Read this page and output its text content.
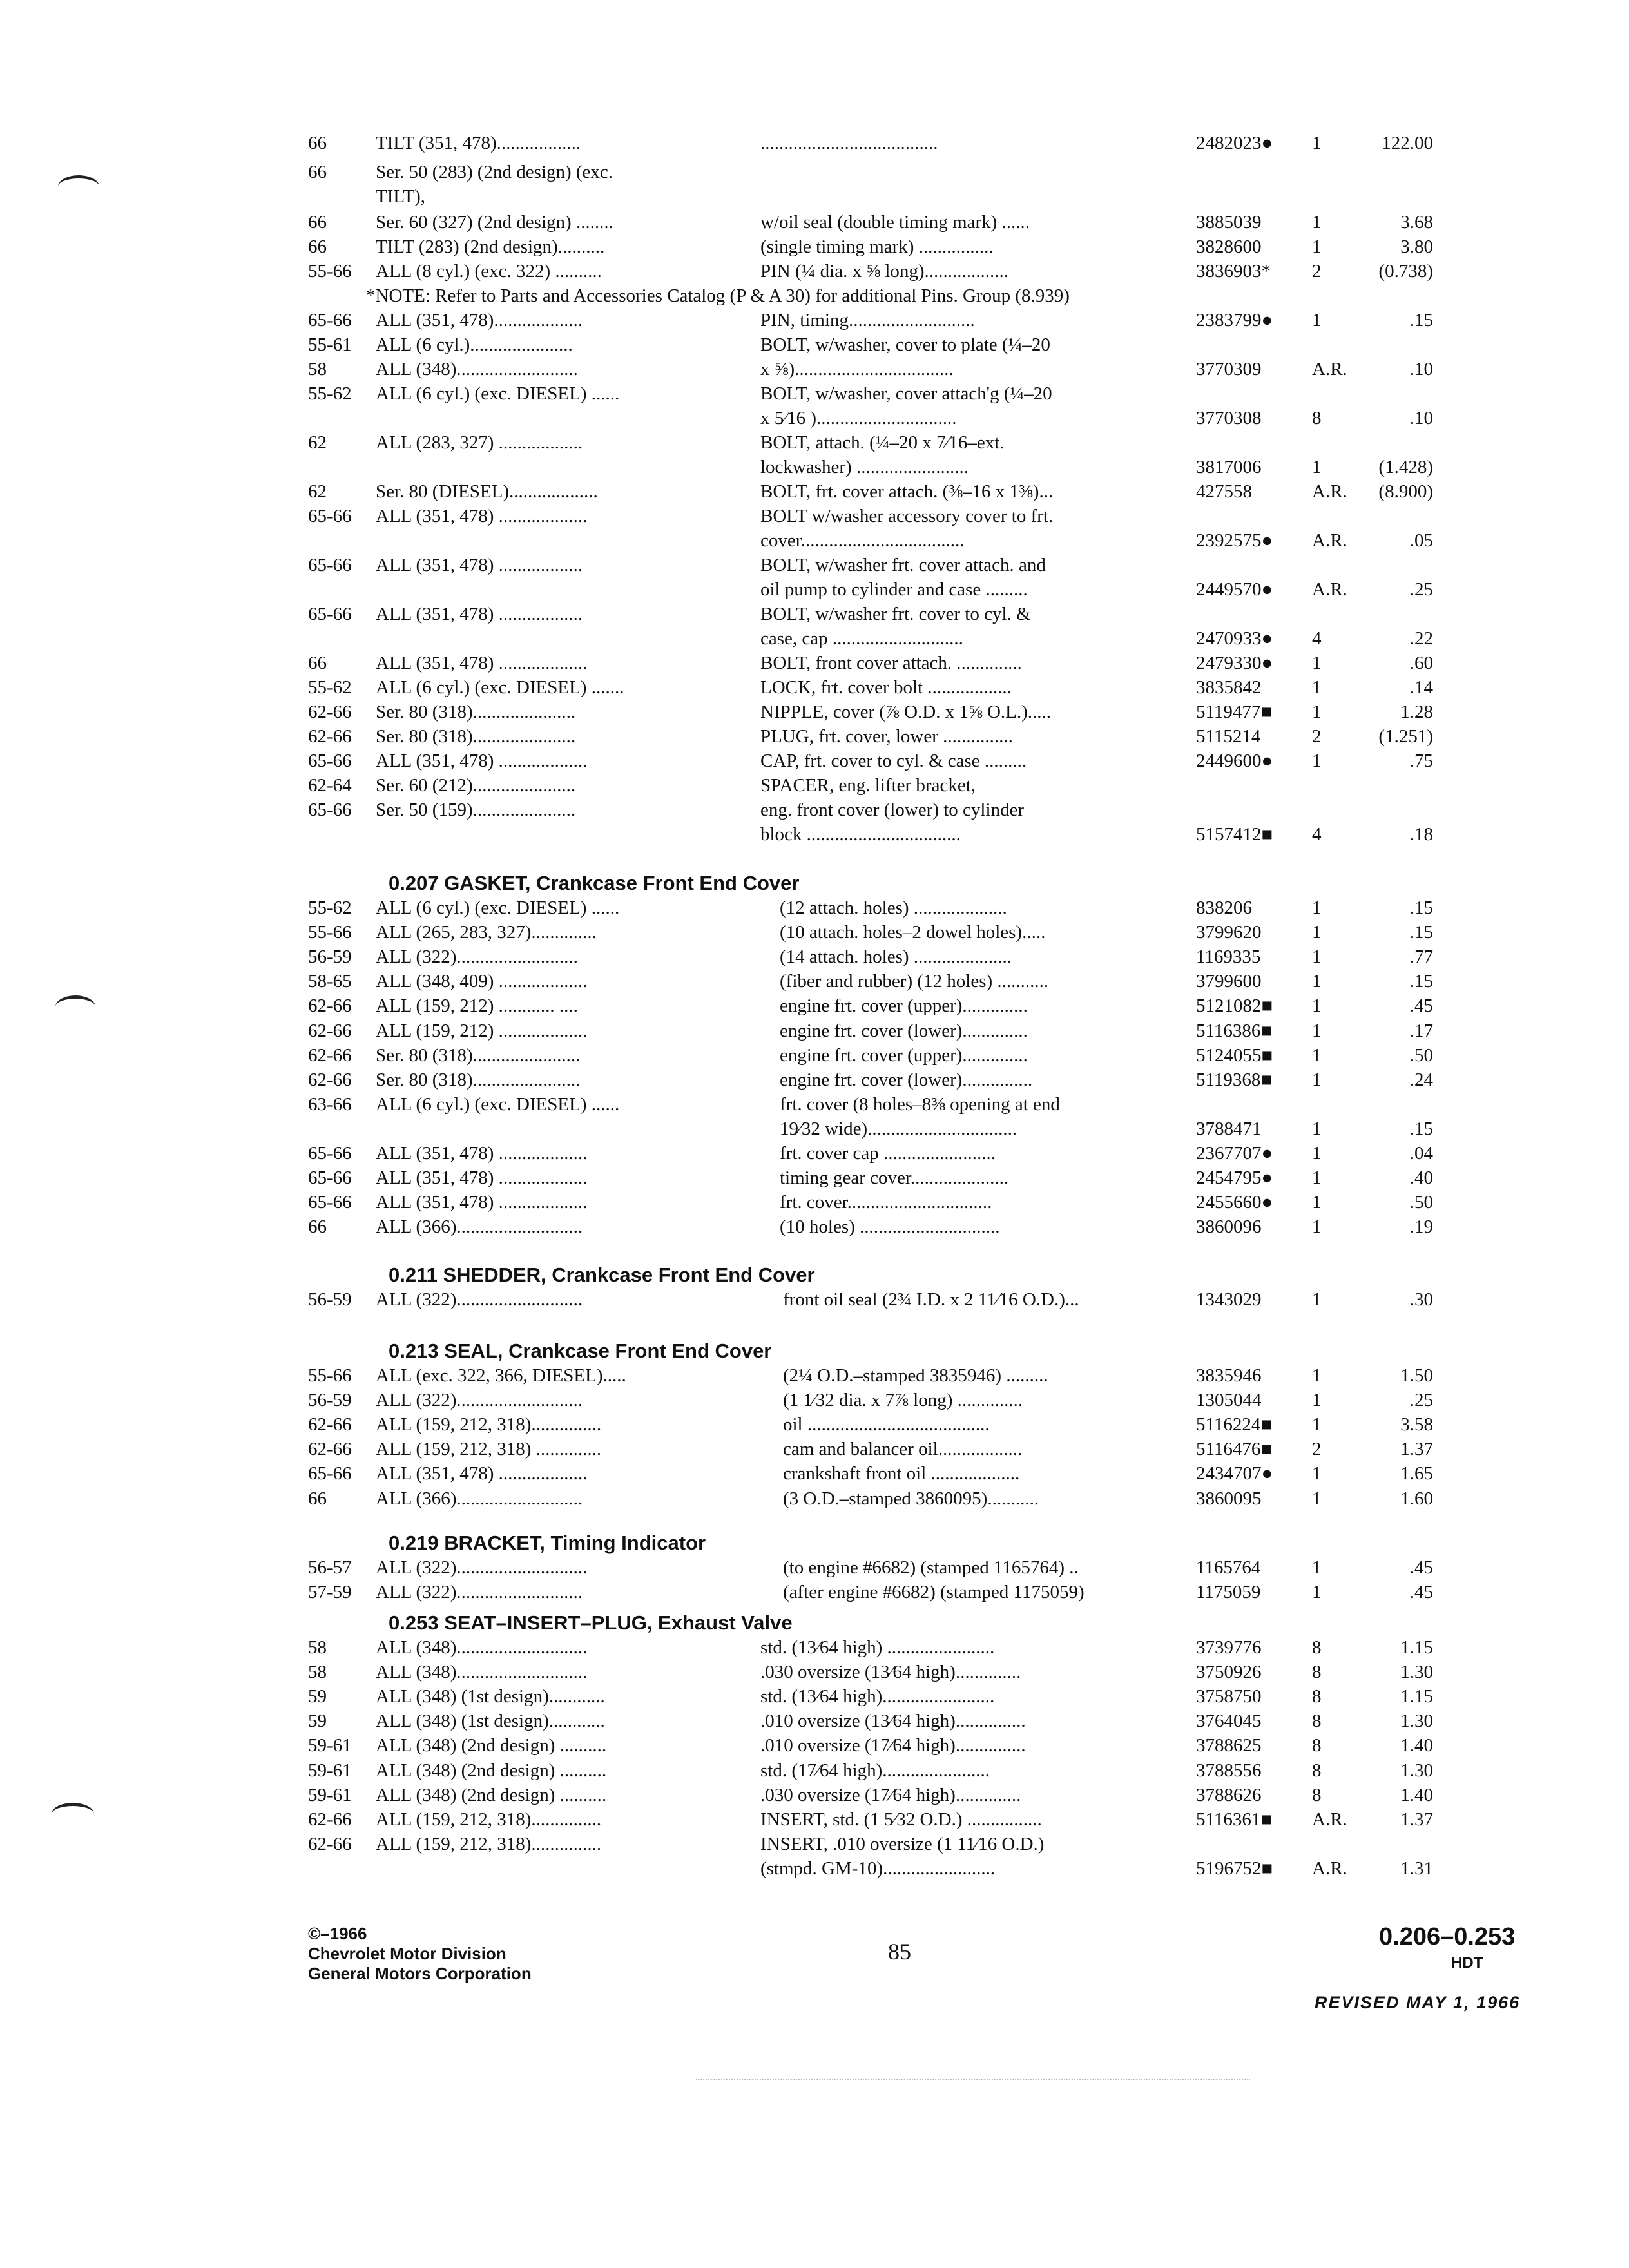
66	TILT (351, 478)..................	......................................	2482023●	1	122.00
66	Ser. 50 (283) (2nd design) (exc.
TILT),
66	Ser. 60 (327) (2nd design) ........	w/oil seal (double timing mark) ......	3885039	1	3.68
66	TILT (283) (2nd design)..........	(single timing mark) ................	3828600	1	3.80
55-66	ALL (8 cyl.) (exc. 322) ..........	PIN (¼ dia. x ⅝ long)..................	3836903*	2	(0.738)
65-66	ALL (351, 478)...................	PIN, timing...........................	2383799●	1	.15
55-61	ALL (6 cyl.)......................	BOLT, w/washer, cover to plate (¼–20
58	ALL (348)..........................	x ⅝)..................................	3770309	A.R.	.10
55-62	ALL (6 cyl.) (exc. DIESEL) ......	BOLT, w/washer, cover attach'g (¼–20
x 5⁄16 )..............................	3770308	8	.10
62	ALL (283, 327) ..................	BOLT, attach. (¼–20 x 7⁄16–ext.
lockwasher) ........................	3817006	1	(1.428)
62	Ser. 80 (DIESEL)...................	BOLT, frt. cover attach. (⅜–16 x 1⅜)...	427558	A.R.	(8.900)
65-66	ALL (351, 478) ...................	BOLT w/washer accessory cover to frt.
cover...................................	2392575●	A.R.	.05
65-66	ALL (351, 478) ..................	BOLT, w/washer frt. cover attach. and
oil pump to cylinder and case .........	2449570●	A.R.	.25
65-66	ALL (351, 478) ..................	BOLT, w/washer frt. cover to cyl. &
case, cap ............................	2470933●	4	.22
66	ALL (351, 478) ...................	BOLT, front cover attach. ..............	2479330●	1	.60
55-62	ALL (6 cyl.) (exc. DIESEL) .......	LOCK, frt. cover bolt ..................	3835842	1	.14
62-66	Ser. 80 (318)......................	NIPPLE, cover (⅞ O.D. x 1⅝ O.L.).....	5119477■	1	1.28
62-66	Ser. 80 (318)......................	PLUG, frt. cover, lower ...............	5115214	2	(1.251)
65-66	ALL (351, 478) ...................	CAP, frt. cover to cyl. & case .........	2449600●	1	.75
62-64	Ser. 60 (212)......................	SPACER, eng. lifter bracket,
65-66	Ser. 50 (159)......................	eng. front cover (lower) to cylinder
block .................................	5157412■	4	.18
*NOTE: Refer to Parts and Accessories Catalog (P & A 30) for additional Pins. Group (8.939)
0.207 GASKET, Crankcase Front End Cover
55-62	ALL (6 cyl.) (exc. DIESEL) ......	(12 attach. holes) ....................	838206	1	.15
55-66	ALL (265, 283, 327)..............	(10 attach. holes–2 dowel holes).....	3799620	1	.15
56-59	ALL (322)..........................	(14 attach. holes) .....................	1169335	1	.77
58-65	ALL (348, 409) ...................	(fiber and rubber) (12 holes) ...........	3799600	1	.15
62-66	ALL (159, 212) ............ ....	engine frt. cover (upper)..............	5121082■	1	.45
62-66	ALL (159, 212) ...................	engine frt. cover (lower)..............	5116386■	1	.17
62-66	Ser. 80 (318).......................	engine frt. cover (upper)..............	5124055■	1	.50
62-66	Ser. 80 (318).......................	engine frt. cover (lower)...............	5119368■	1	.24
63-66	ALL (6 cyl.) (exc. DIESEL) ......	frt. cover (8 holes–8⅜ opening at end
19⁄32 wide)................................	3788471	1	.15
65-66	ALL (351, 478) ...................	frt. cover cap ........................	2367707●	1	.04
65-66	ALL (351, 478) ...................	timing gear cover.....................	2454795●	1	.40
65-66	ALL (351, 478) ...................	frt. cover...............................	2455660●	1	.50
66	ALL (366)...........................	(10 holes) ..............................	3860096	1	.19
0.211 SHEDDER, Crankcase Front End Cover
56-59	ALL (322)...........................	front oil seal (2¾ I.D. x 2 11⁄16 O.D.)...	1343029	1	.30
0.213 SEAL, Crankcase Front End Cover
55-66	ALL (exc. 322, 366, DIESEL).....	(2¼ O.D.–stamped 3835946) .........	3835946	1	1.50
56-59	ALL (322)...........................	(1 1⁄32 dia. x 7⅞ long) ..............	1305044	1	.25
62-66	ALL (159, 212, 318)...............	oil .......................................	5116224■	1	3.58
62-66	ALL (159, 212, 318) ..............	cam and balancer oil..................	5116476■	2	1.37
65-66	ALL (351, 478) ...................	crankshaft front oil ...................	2434707●	1	1.65
66	ALL (366)...........................	(3 O.D.–stamped 3860095)...........	3860095	1	1.60
0.219 BRACKET, Timing Indicator
56-57	ALL (322)............................	(to engine #6682) (stamped 1165764) ..	1165764	1	.45
57-59	ALL (322)...........................	(after engine #6682) (stamped 1175059)	1175059	1	.45
0.253 SEAT–INSERT–PLUG, Exhaust Valve
58	ALL (348)............................	std. (13⁄64 high) .......................	3739776	8	1.15
58	ALL (348)............................	.030 oversize (13⁄64 high)..............	3750926	8	1.30
59	ALL (348) (1st design)............	std. (13⁄64 high)........................	3758750	8	1.15
59	ALL (348) (1st design)............	.010 oversize (13⁄64 high)...............	3764045	8	1.30
59-61	ALL (348) (2nd design) ..........	.010 oversize (17⁄64 high)...............	3788625	8	1.40
59-61	ALL (348) (2nd design) ..........	std. (17⁄64 high).......................	3788556	8	1.30
59-61	ALL (348) (2nd design) ..........	.030 oversize (17⁄64 high)..............	3788626	8	1.40
62-66	ALL (159, 212, 318)...............	INSERT, std. (1 5⁄32 O.D.) ................	5116361■	A.R.	1.37
62-66	ALL (159, 212, 318)...............	INSERT, .010 oversize (1 11⁄16 O.D.)
(stmpd. GM-10)........................	5196752■	A.R.	1.31
©–1966
Chevrolet Motor Division
General Motors Corporation
85
0.206–0.253
HDT
REVISED MAY 1, 1966
